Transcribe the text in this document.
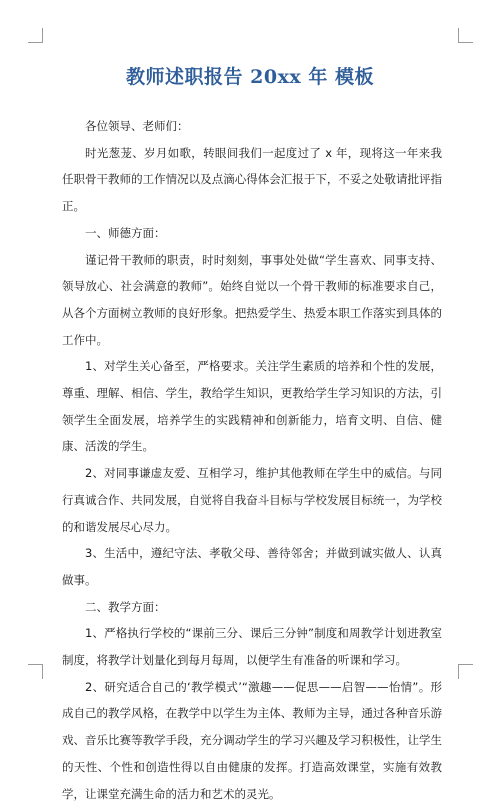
教师述职报告 20xx 年 模板

各位领导、老师们：

时光葱茏、岁月如歌，转眼间我们一起度过了 x 年，现将这一年来我任职骨干教师的工作情况以及点滴心得体会汇报于下，不妥之处敬请批评指正。

一、师德方面：

谨记骨干教师的职责，时时刻刻，事事处处做“学生喜欢、同事支持、领导放心、社会满意的教师”。始终自觉以一个骨干教师的标准要求自己，从各个方面树立教师的良好形象。把热爱学生、热爱本职工作落实到具体的工作中。

1、对学生关心备至，严格要求。关注学生素质的培养和个性的发展，尊重、理解、相信、学生，教给学生知识，更教给学生学习知识的方法，引领学生全面发展，培养学生的实践精神和创新能力，培育文明、自信、健康、活泼的学生。

2、对同事谦虚友爱、互相学习，维护其他教师在学生中的威信。与同行真诚合作、共同发展，自觉将自我奋斗目标与学校发展目标统一，为学校的和谐发展尽心尽力。

3、生活中，遵纪守法、孝敬父母、善待邻舍；并做到诚实做人、认真做事。

二、教学方面：

1、严格执行学校的“课前三分、课后三分钟”制度和周教学计划进教室制度，将教学计划量化到每月每周，以便学生有准备的听课和学习。

2、研究适合自己的‘教学模式’“激趣——促思——启智——怡情”。形成自己的教学风格，在教学中以学生为主体、教师为主导，通过各种音乐游戏、音乐比赛等教学手段，充分调动学生的学习兴趣及学习积极性，让学生的天性、个性和创造性得以自由健康的发挥。打造高效课堂，实施有效教学，让课堂充满生命的活力和艺术的灵光。
